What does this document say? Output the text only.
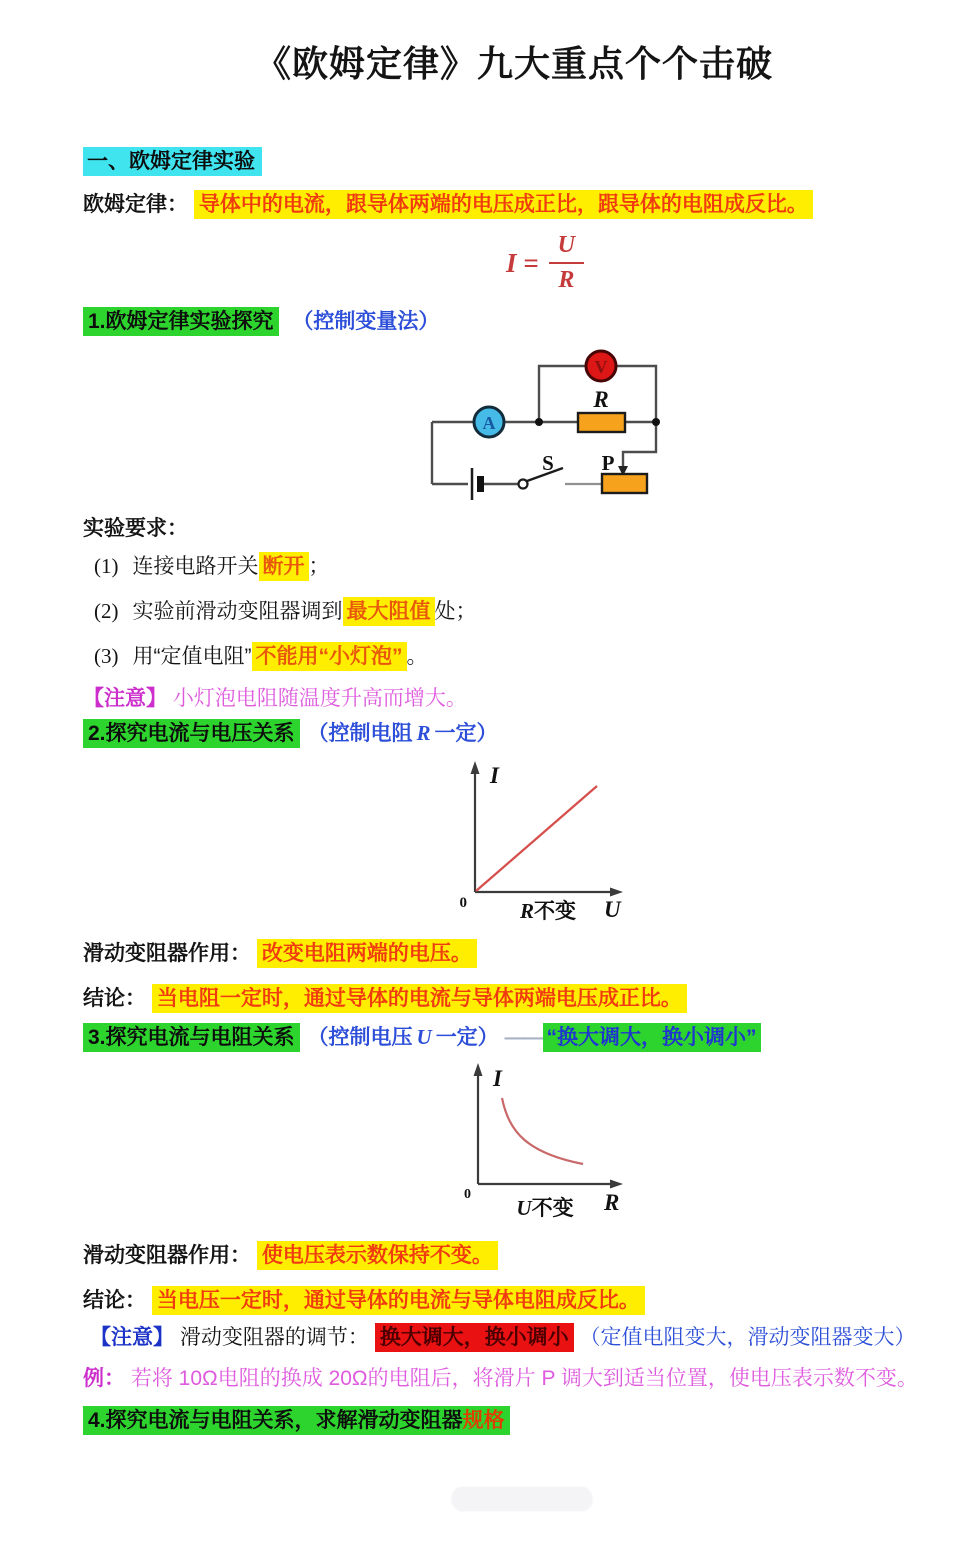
《欧姆定律》九大重点个个击破
一、欧姆定律实验
欧姆定律： 导体中的电流，跟导体两端的电压成正比，跟导体的电阻成反比。
$I = \frac{U}{R}$
1.欧姆定律实验探究 （控制变量法）
V
A
R
S P
实验要求：
(1) 连接电路开关 断开 ；
(2) 实验前滑动变阻器调到 最大阻值 处；
(3) 用“定值电阻” 不能用“小灯泡” 。
【注意】 小灯泡电阻随温度升高而增大。
2.探究电流与电压关系 （控制电阻 R 一定）
I
U
0	R不变
滑动变阻器作用： 改变电阻两端的电压。
结论： 当电阻一定时，通过导体的电流与导体两端电压成正比。
3.探究电流与电阻关系 （控制电压 U 一定） —— “换大调大，换小调小”
I
R
0
U不变
滑动变阻器作用： 使电压表示数保持不变。
结论： 当电压一定时，通过导体的电流与导体电阻成反比。
【注意】 滑动变阻器的调节： 换大调大，换小调小 （定值电阻变大，滑动变阻器变大）
例： 若将 10Ω电阻的换成 20Ω的电阻后，将滑片 P 调大到适当位置，使电压表示数不变。
4.探究电流与电阻关系，求解滑动变阻器规格
